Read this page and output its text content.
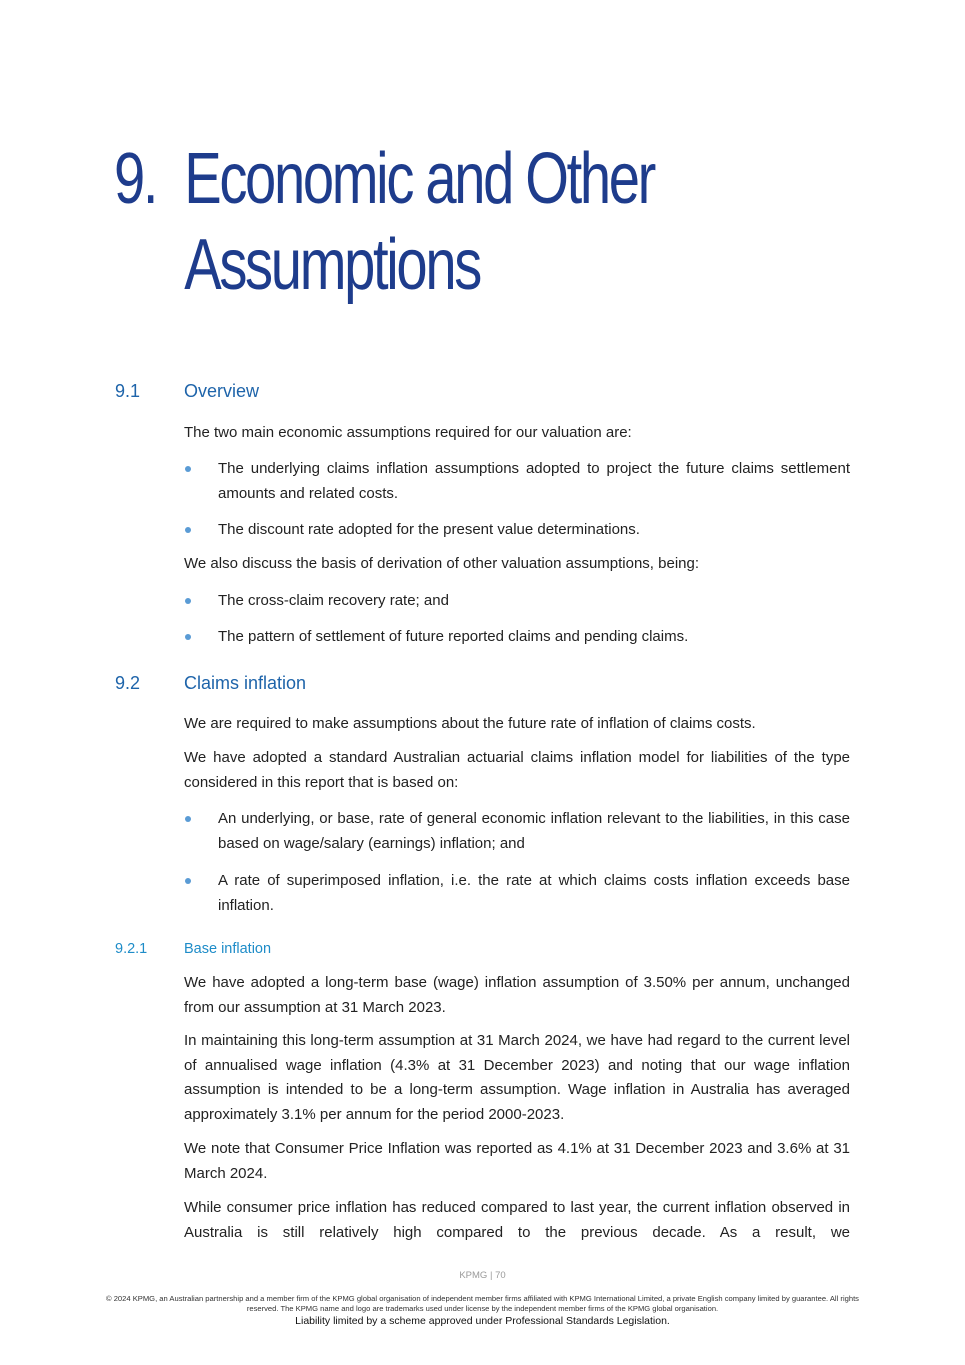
9. Economic and Other
Assumptions
9.1 Overview

The two main economic assumptions required for our valuation are:

The underlying claims inflation assumptions adopted to project the future claims settlement amounts and related costs.
The discount rate adopted for the present value determinations.

We also discuss the basis of derivation of other valuation assumptions, being:

The cross-claim recovery rate; and
The pattern of settlement of future reported claims and pending claims.
9.2 Claims inflation

We are required to make assumptions about the future rate of inflation of claims costs.

We have adopted a standard Australian actuarial claims inflation model for liabilities of the type considered in this report that is based on:

An underlying, or base, rate of general economic inflation relevant to the liabilities, in this case based on wage/salary (earnings) inflation; and
A rate of superimposed inflation, i.e. the rate at which claims costs inflation exceeds base inflation.
9.2.1	Base inflation

We have adopted a long-term base (wage) inflation assumption of 3.50% per annum, unchanged from our assumption at 31 March 2023.

In maintaining this long-term assumption at 31 March 2024, we have had regard to the current level of annualised wage inflation (4.3% at 31 December 2023) and noting that our wage inflation assumption is intended to be a long-term assumption. Wage inflation in Australia has averaged approximately 3.1% per annum for the period 2000-2023.

We note that Consumer Price Inflation was reported as 4.1% at 31 December 2023 and 3.6% at 31 March 2024.

While consumer price inflation has reduced compared to last year, the current inflation observed in Australia is still relatively high compared to the previous decade. As a result, we

KPMG | 70
© 2024 KPMG, an Australian partnership and a member firm of the KPMG global organisation of independent member firms affiliated with KPMG International Limited, a private English company limited by guarantee. All rights reserved. The KPMG name and logo are trademarks used under license by the independent member firms of the KPMG global organisation.
Liability limited by a scheme approved under Professional Standards Legislation.
